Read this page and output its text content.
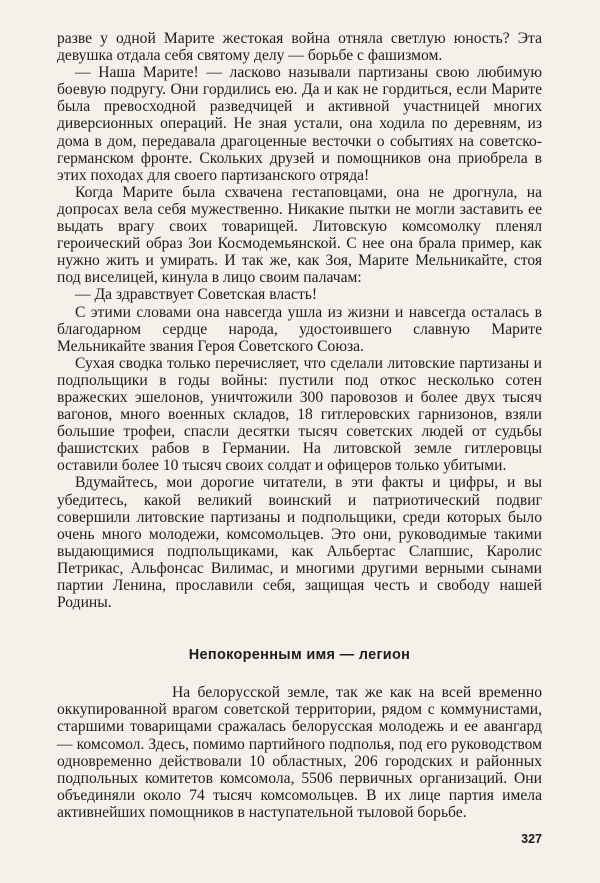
разве у одной Марите жестокая война отняла светлую юность? Эта девушка отдала себя святому делу — борьбе с фашизмом.

— Наша Марите! — ласково называли партизаны свою любимую боевую подругу. Они гордились ею. Да и как не гордиться, если Марите была превосходной разведчицей и активной участницей многих диверсионных операций. Не зная устали, она ходила по деревням, из дома в дом, передавала драгоценные весточки о событиях на советско-германском фронте. Скольких друзей и помощников она приобрела в этих походах для своего партизанского отряда!

Когда Марите была схвачена гестаповцами, она не дрогнула, на допросах вела себя мужественно. Никакие пытки не могли заставить ее выдать врагу своих товарищей. Литовскую комсомолку пленял героический образ Зои Космодемьянской. С нее она брала пример, как нужно жить и умирать. И так же, как Зоя, Марите Мельникайте, стоя под виселицей, кинула в лицо своим палачам:

— Да здравствует Советская власть!

С этими словами она навсегда ушла из жизни и навсегда осталась в благодарном сердце народа, удостоившего славную Марите Мельникайте звания Героя Советского Союза.

Сухая сводка только перечисляет, что сделали литовские партизаны и подпольщики в годы войны: пустили под откос несколько сотен вражеских эшелонов, уничтожили 300 паровозов и более двух тысяч вагонов, много военных складов, 18 гитлеровских гарнизонов, взяли большие трофеи, спасли десятки тысяч советских людей от судьбы фашистских рабов в Германии. На литовской земле гитлеровцы оставили более 10 тысяч своих солдат и офицеров только убитыми.

Вдумайтесь, мои дорогие читатели, в эти факты и цифры, и вы убедитесь, какой великий воинский и патриотический подвиг совершили литовские партизаны и подпольщики, среди которых было очень много молодежи, комсомольцев. Это они, руководимые такими выдающимися подпольщиками, как Альбертас Слапшис, Каролис Петрикас, Альфонсас Вилимас, и многими другими верными сынами партии Ленина, прославили себя, защищая честь и свободу нашей Родины.

Непокоренным имя — легион

На белорусской земле, так же как на всей временно оккупированной врагом советской территории, рядом с коммунистами, старшими товарищами сражалась белорусская молодежь и ее авангард — комсомол. Здесь, помимо партийного подполья, под его руководством одновременно действовали 10 областных, 206 городских и районных подпольных комитетов комсомола, 5506 первичных организаций. Они объединяли около 74 тысяч комсомольцев. В их лице партия имела активнейших помощников в наступательной тыловой борьбе.

327
